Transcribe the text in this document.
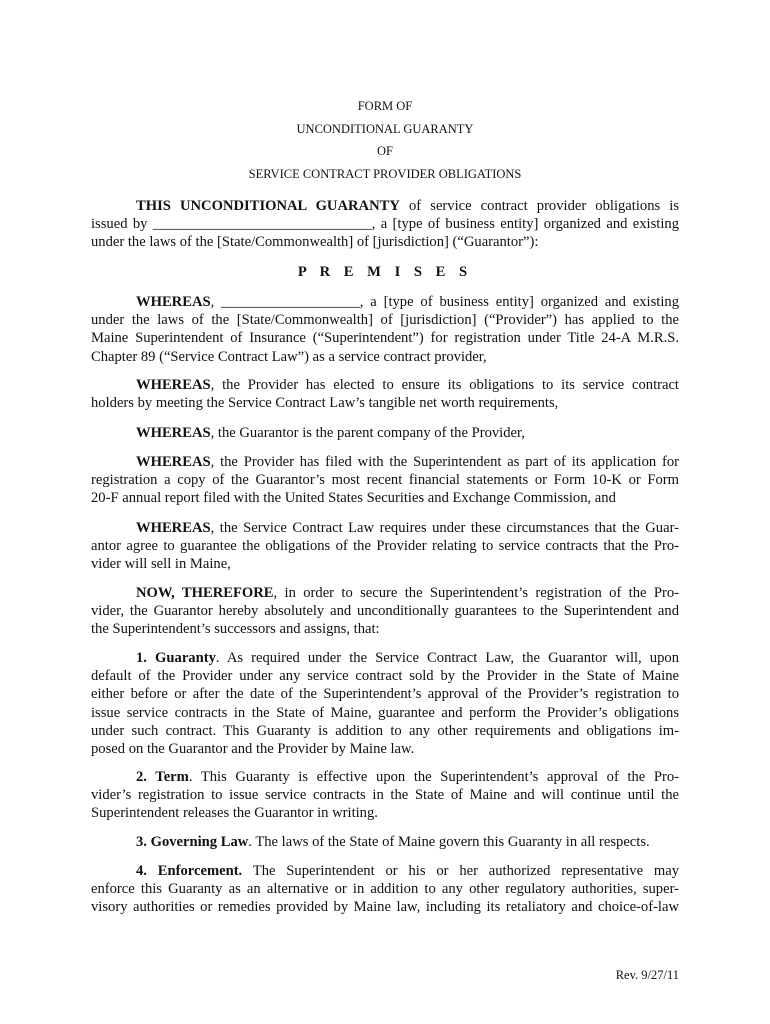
FORM OF
UNCONDITIONAL GUARANTY
OF
SERVICE CONTRACT PROVIDER OBLIGATIONS

THIS UNCONDITIONAL GUARANTY of service contract provider obligations is
issued by ______________________________, a [type of business entity] organized and existing
under the laws of the [State/Commonwealth] of [jurisdiction] (“Guarantor”):

P R E M I S E S

WHEREAS, ___________________, a [type of business entity] organized and existing
under the laws of the [State/Commonwealth] of [jurisdiction] (“Provider”) has applied to the
Maine Superintendent of Insurance (“Superintendent”) for registration under Title 24-A M.R.S.
Chapter 89 (“Service Contract Law”) as a service contract provider,

WHEREAS, the Provider has elected to ensure its obligations to its service contract
holders by meeting the Service Contract Law’s tangible net worth requirements,

WHEREAS, the Guarantor is the parent company of the Provider,

WHEREAS, the Provider has filed with the Superintendent as part of its application for
registration a copy of the Guarantor’s most recent financial statements or Form 10-K or Form
20-F annual report filed with the United States Securities and Exchange Commission, and

WHEREAS, the Service Contract Law requires under these circumstances that the Guar-
antor agree to guarantee the obligations of the Provider relating to service contracts that the Pro-
vider will sell in Maine,

NOW, THEREFORE, in order to secure the Superintendent’s registration of the Pro-
vider, the Guarantor hereby absolutely and unconditionally guarantees to the Superintendent and
the Superintendent’s successors and assigns, that:

1. Guaranty. As required under the Service Contract Law, the Guarantor will, upon
default of the Provider under any service contract sold by the Provider in the State of Maine
either before or after the date of the Superintendent’s approval of the Provider’s registration to
issue service contracts in the State of Maine, guarantee and perform the Provider’s obligations
under such contract. This Guaranty is addition to any other requirements and obligations im-
posed on the Guarantor and the Provider by Maine law.

2. Term. This Guaranty is effective upon the Superintendent’s approval of the Pro-
vider’s registration to issue service contracts in the State of Maine and will continue until the
Superintendent releases the Guarantor in writing.

3. Governing Law. The laws of the State of Maine govern this Guaranty in all respects.

4. Enforcement. The Superintendent or his or her authorized representative may
enforce this Guaranty as an alternative or in addition to any other regulatory authorities, super-
visory authorities or remedies provided by Maine law, including its retaliatory and choice-of-law

Rev. 9/27/11
